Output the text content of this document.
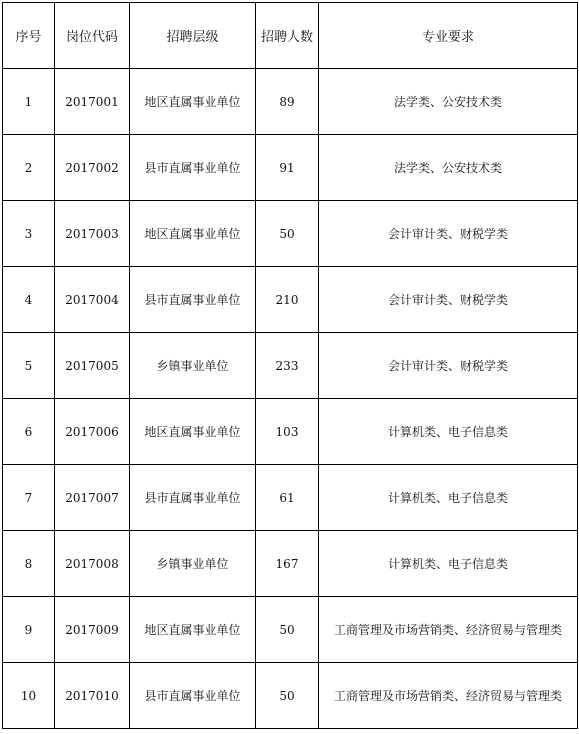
序号	岗位代码	招聘层级	招聘人数	专业要求
1	2017001	地区直属事业单位	89	法学类、公安技术类
2	2017002	县市直属事业单位	91	法学类、公安技术类
3	2017003	地区直属事业单位	50	会计审计类、财税学类
4	2017004	县市直属事业单位	210	会计审计类、财税学类
5	2017005	乡镇事业单位	233	会计审计类、财税学类
6	2017006	地区直属事业单位	103	计算机类、电子信息类
7	2017007	县市直属事业单位	61	计算机类、电子信息类
8	2017008	乡镇事业单位	167	计算机类、电子信息类
9	2017009	地区直属事业单位	50	工商管理及市场营销类、经济贸易与管理类
10	2017010	县市直属事业单位	50	工商管理及市场营销类、经济贸易与管理类
